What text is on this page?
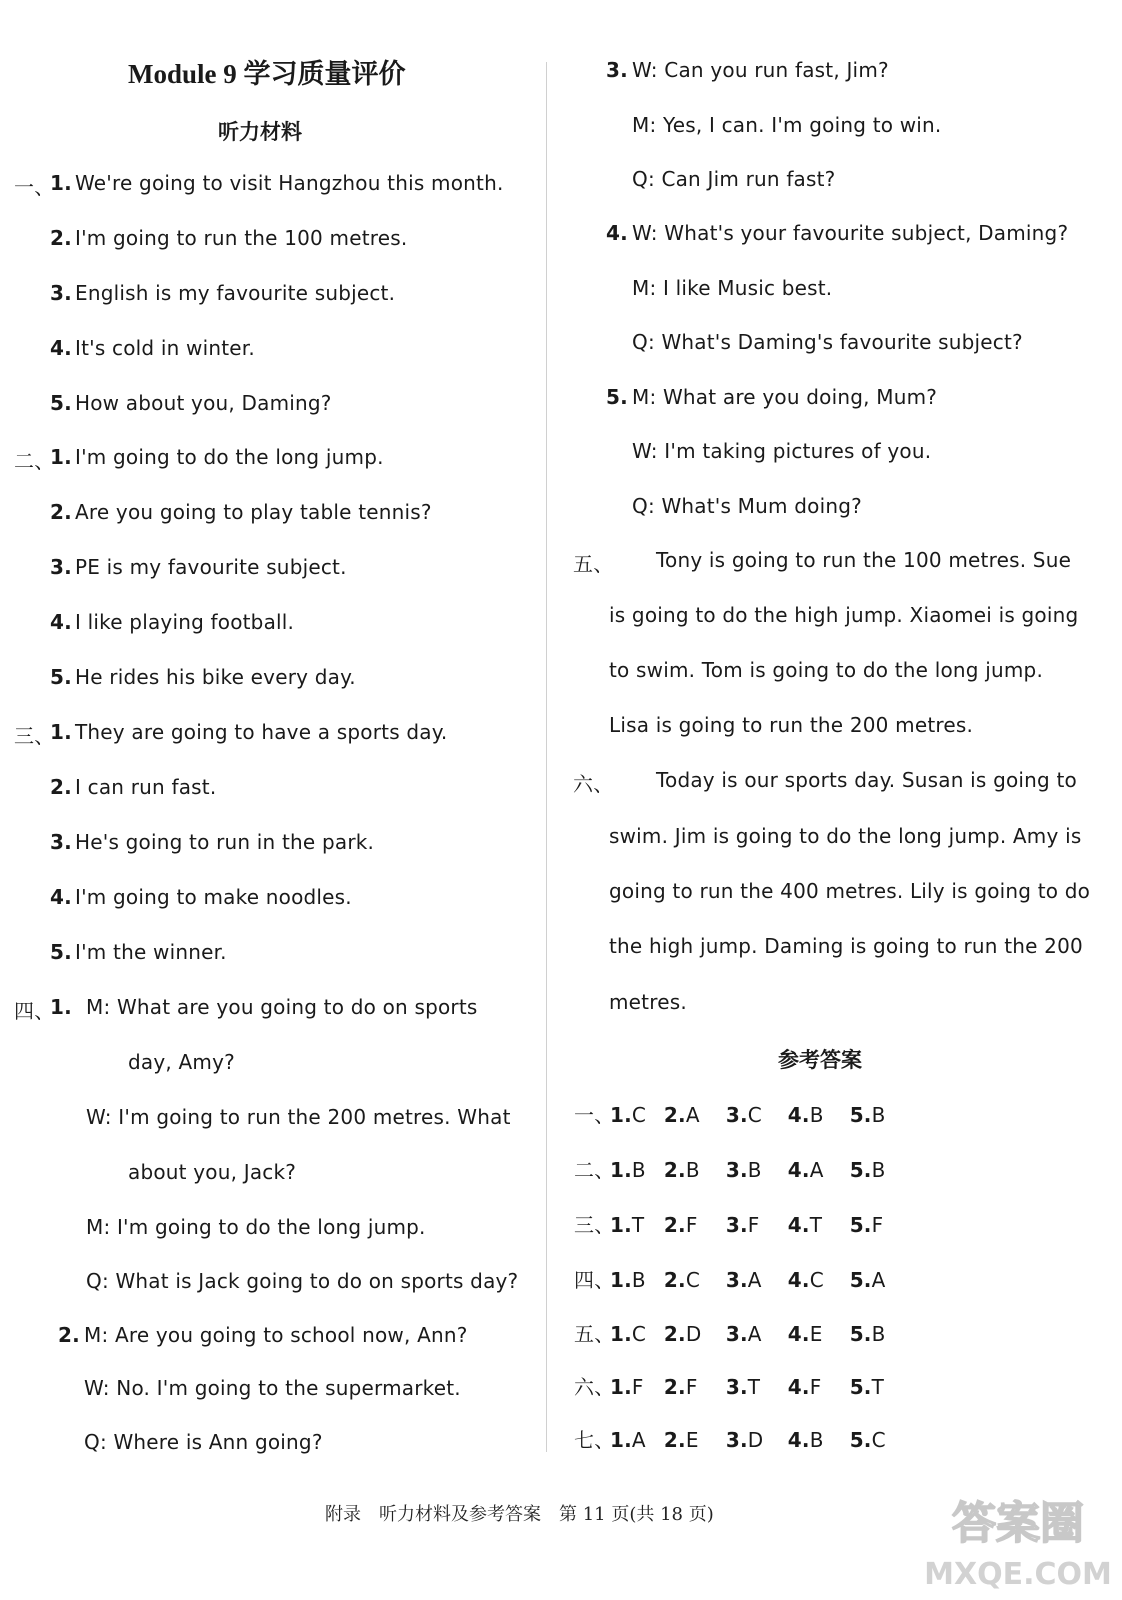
Module 9 学习质量评价
听力材料
一、
1. We're going to visit Hangzhou this month.
2. I'm going to run the 100 metres.
3. English is my favourite subject.
4. It's cold in winter.
5. How about you, Daming?
二、
1. I'm going to do the long jump.
2. Are you going to play table tennis?
3. PE is my favourite subject.
4. I like playing football.
5. He rides his bike every day.
三、
1. They are going to have a sports day.
2. I can run fast.
3. He's going to run in the park.
4. I'm going to make noodles.
5. I'm the winner.
四、
1. M: What are you going to do on sports
day, Amy?
W: I'm going to run the 200 metres. What
about you, Jack?
M: I'm going to do the long jump.
Q: What is Jack going to do on sports day?
2. M: Are you going to school now, Ann?
W: No. I'm going to the supermarket.
Q: Where is Ann going?
3. W: Can you run fast, Jim?
M: Yes, I can. I'm going to win.
Q: Can Jim run fast?
4. W: What's your favourite subject, Daming?
M: I like Music best.
Q: What's Daming's favourite subject?
5. M: What are you doing, Mum?
W: I'm taking pictures of you.
Q: What's Mum doing?
五、 Tony is going to run the 100 metres. Sue
is going to do the high jump. Xiaomei is going
to swim. Tom is going to do the long jump.
Lisa is going to run the 200 metres.
六、 Today is our sports day. Susan is going to
swim. Jim is going to do the long jump. Amy is
going to run the 400 metres. Lily is going to do
the high jump. Daming is going to run the 200
metres.
参考答案
一、1.C 2.A 3.C 4.B 5.B
二、1.B 2.B 3.B 4.A 5.B
三、1.T 2.F 3.F 4.T 5.F
四、1.B 2.C 3.A 4.C 5.A
五、1.C 2.D 3.A 4.E 5.B
六、1.F 2.F 3.T 4.F 5.T
七、1.A 2.E 3.D 4.B 5.C
附录　听力材料及参考答案　第 11 页(共 18 页)	答案圈
MXQE.COM
